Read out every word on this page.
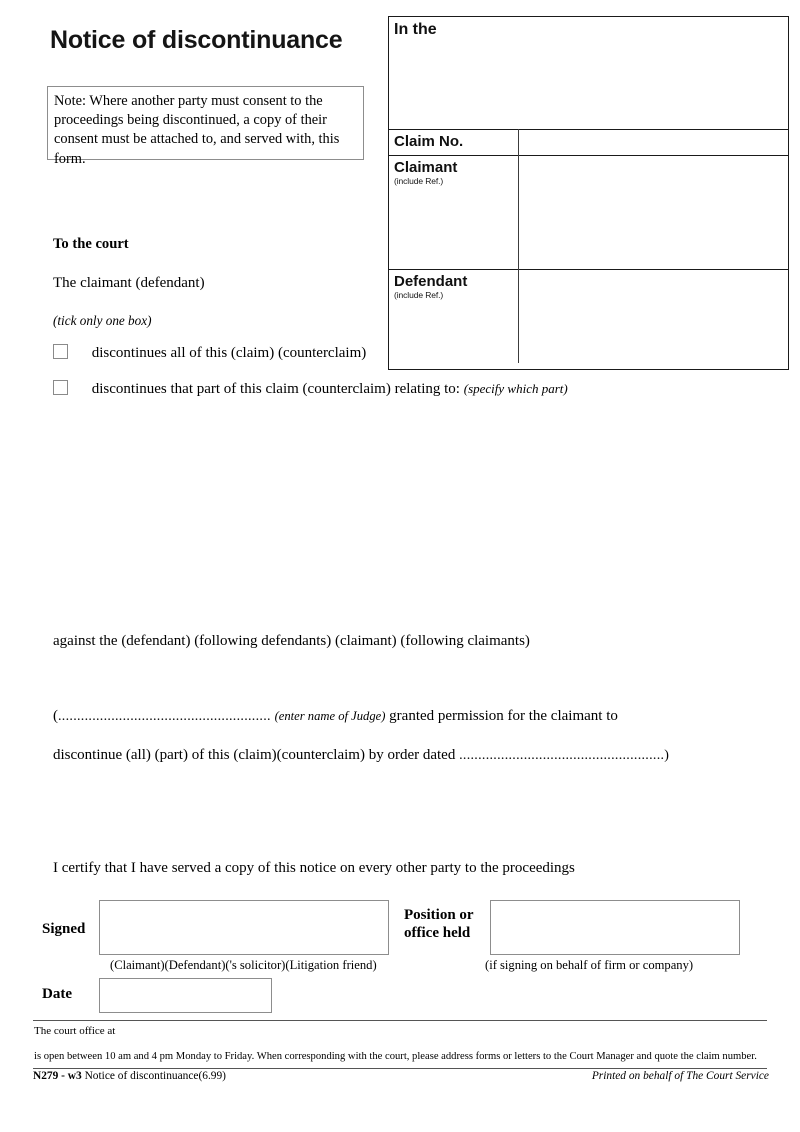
Notice of discontinuance
Note: Where another party must consent to the proceedings being discontinued, a copy of their consent must be attached to, and served with, this form.
In the
Claim No.
Claimant
(include Ref.)
Defendant
(include Ref.)
To the court
The claimant (defendant)
(tick only one box)
discontinues all of this (claim) (counterclaim)
discontinues that part of this claim (counterclaim) relating to: (specify which part)
against the (defendant) (following defendants) (claimant) (following claimants)
(........................................................ (enter name of Judge) granted permission for the claimant to
discontinue (all) (part) of this (claim)(counterclaim) by order dated ......................................................)
I certify that I have served a copy of this notice on every other party to the proceedings
Signed
(Claimant)(Defendant)('s solicitor)(Litigation friend)
Position or
office held
(if signing on behalf of firm or company)
Date
The court office at
is open between 10 am and 4 pm Monday to Friday. When corresponding with the court, please address forms or letters to the Court Manager and quote the claim number.
N279 - w3 Notice of discontinuance(6.99)	Printed on behalf of The Court Service
